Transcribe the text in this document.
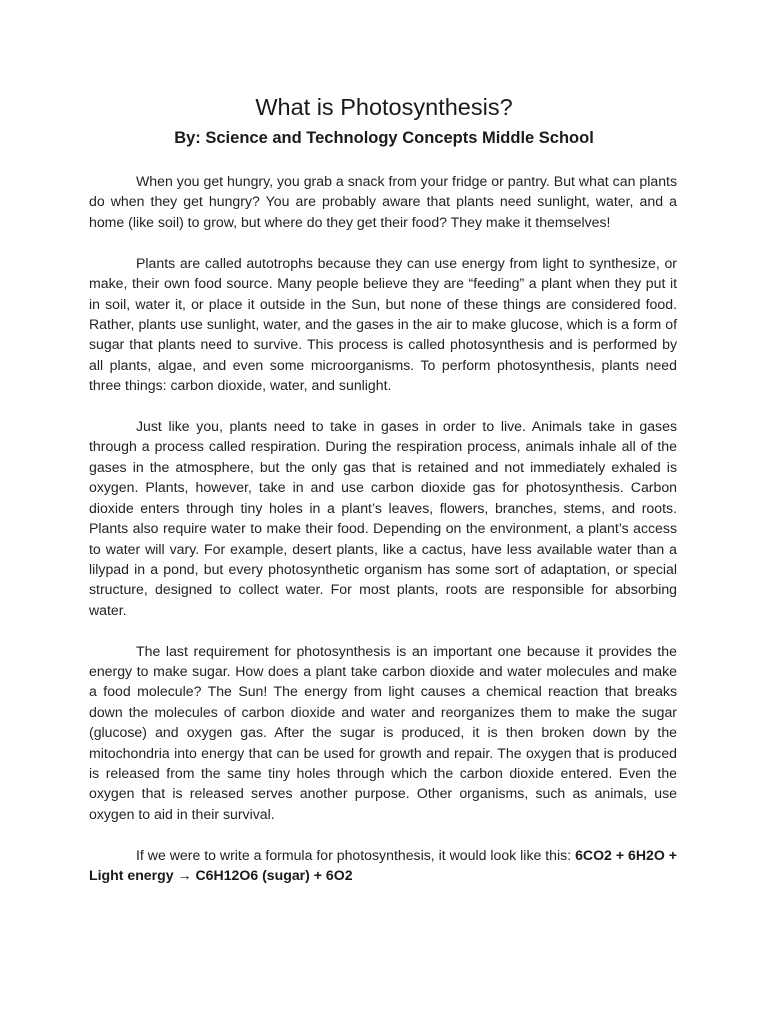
What is Photosynthesis?
By: Science and Technology Concepts Middle School

When you get hungry, you grab a snack from your fridge or pantry. But what can plants do when they get hungry? You are probably aware that plants need sunlight, water, and a home (like soil) to grow, but where do they get their food? They make it themselves!

Plants are called autotrophs because they can use energy from light to synthesize, or make, their own food source. Many people believe they are “feeding” a plant when they put it in soil, water it, or place it outside in the Sun, but none of these things are considered food. Rather, plants use sunlight, water, and the gases in the air to make glucose, which is a form of sugar that plants need to survive. This process is called photosynthesis and is performed by all plants, algae, and even some microorganisms. To perform photosynthesis, plants need three things: carbon dioxide, water, and sunlight.

Just like you, plants need to take in gases in order to live. Animals take in gases through a process called respiration. During the respiration process, animals inhale all of the gases in the atmosphere, but the only gas that is retained and not immediately exhaled is oxygen. Plants, however, take in and use carbon dioxide gas for photosynthesis. Carbon dioxide enters through tiny holes in a plant’s leaves, flowers, branches, stems, and roots. Plants also require water to make their food. Depending on the environment, a plant’s access to water will vary. For example, desert plants, like a cactus, have less available water than a lilypad in a pond, but every photosynthetic organism has some sort of adaptation, or special structure, designed to collect water. For most plants, roots are responsible for absorbing water.

The last requirement for photosynthesis is an important one because it provides the energy to make sugar. How does a plant take carbon dioxide and water molecules and make a food molecule? The Sun! The energy from light causes a chemical reaction that breaks down the molecules of carbon dioxide and water and reorganizes them to make the sugar (glucose) and oxygen gas. After the sugar is produced, it is then broken down by the mitochondria into energy that can be used for growth and repair. The oxygen that is produced is released from the same tiny holes through which the carbon dioxide entered. Even the oxygen that is released serves another purpose. Other organisms, such as animals, use oxygen to aid in their survival.

If we were to write a formula for photosynthesis, it would look like this: 6CO2 + 6H2O + Light energy → C6H12O6 (sugar) + 6O2
